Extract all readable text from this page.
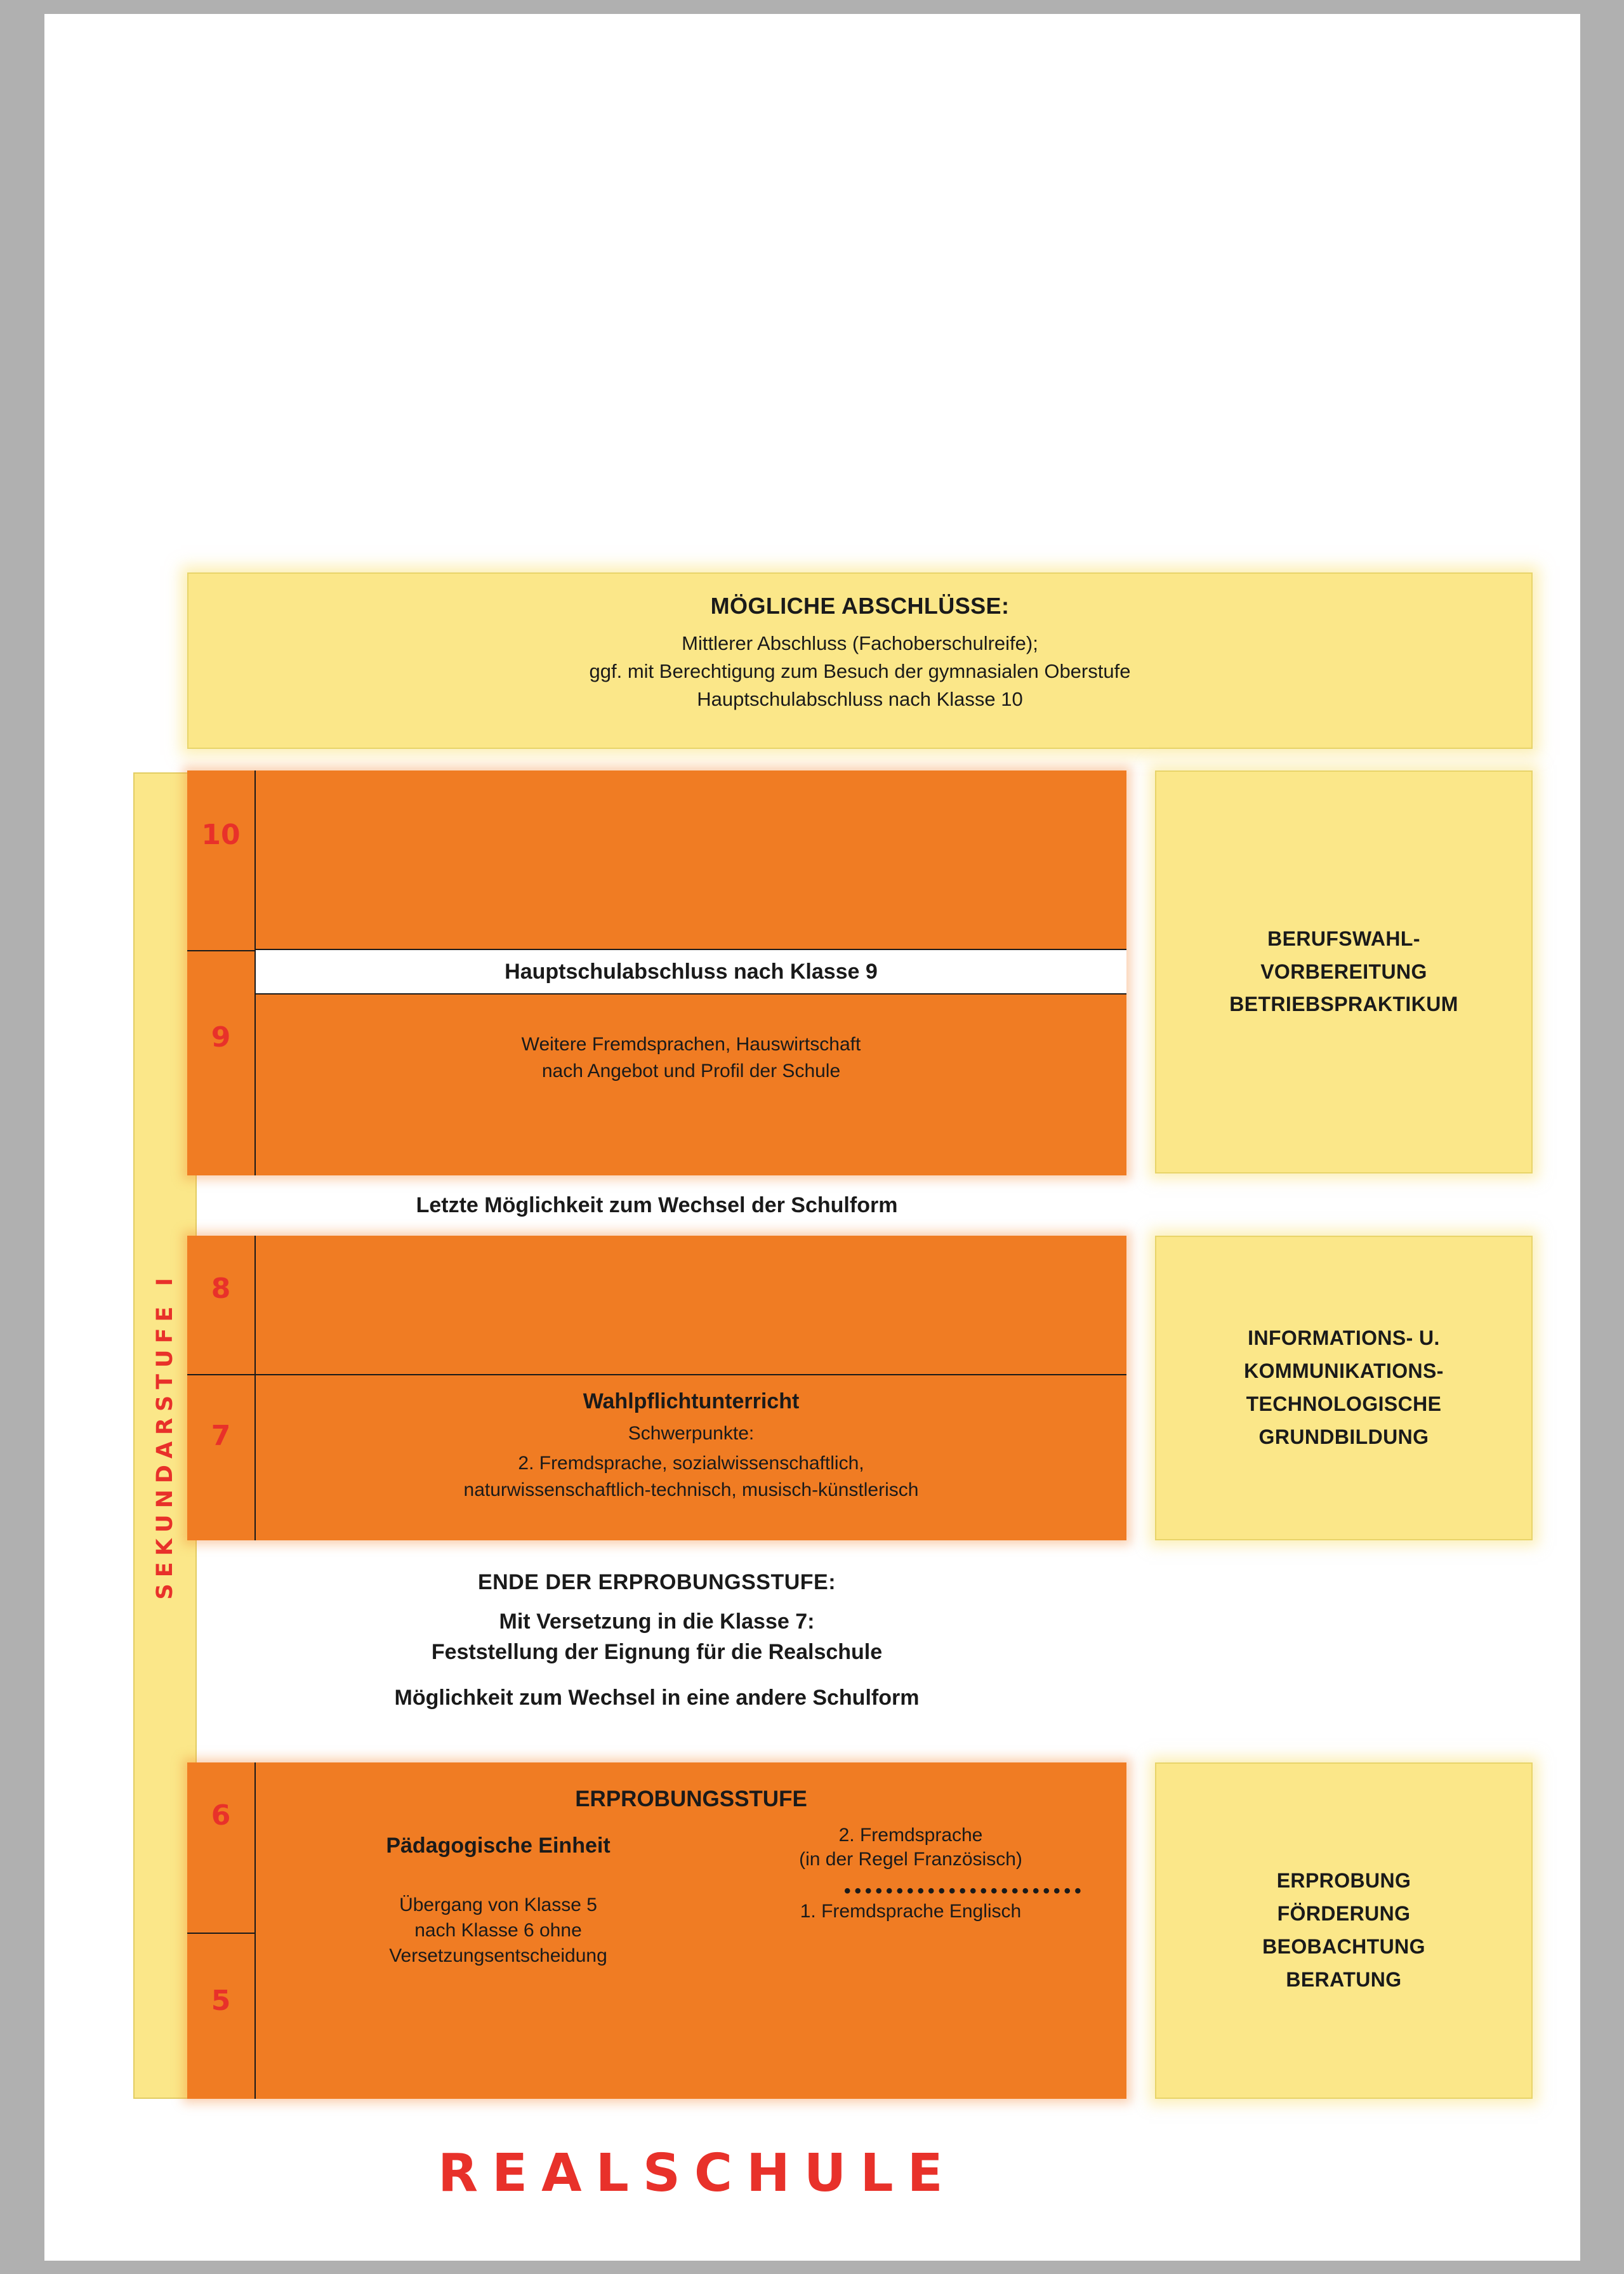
MÖGLICHE ABSCHLÜSSE:
Mittlerer Abschluss (Fachoberschulreife);
ggf. mit Berechtigung zum Besuch der gymnasialen Oberstufe
Hauptschulabschluss nach Klasse 10
SEKUNDARSTUFE I
10
9
Hauptschulabschluss nach Klasse 9
Weitere Fremdsprachen, Hauswirtschaft
nach Angebot und Profil der Schule
Letzte Möglichkeit zum Wechsel der Schulform
8
7
Wahlpflichtunterricht
Schwerpunkte:
2. Fremdsprache, sozialwissenschaftlich,
naturwissenschaftlich-technisch, musisch-künstlerisch
ENDE DER ERPROBUNGSSTUFE:
Mit Versetzung in die Klasse 7:
Feststellung der Eignung für die Realschule
Möglichkeit zum Wechsel in eine andere Schulform
6
5
ERPROBUNGSSTUFE
Pädagogische Einheit	2. Fremdsprache
(in der Regel Französisch)
•••••••••••••••••••••••
1. Fremdsprache Englisch
Übergang von Klasse 5
nach Klasse 6 ohne
Versetzungsentscheidung
BERUFSWAHL-
VORBEREITUNG
BETRIEBSPRAKTIKUM
INFORMATIONS- U.
KOMMUNIKATIONS-
TECHNOLOGISCHE
GRUNDBILDUNG
ERPROBUNG
FÖRDERUNG
BEOBACHTUNG
BERATUNG
REALSCHULE
